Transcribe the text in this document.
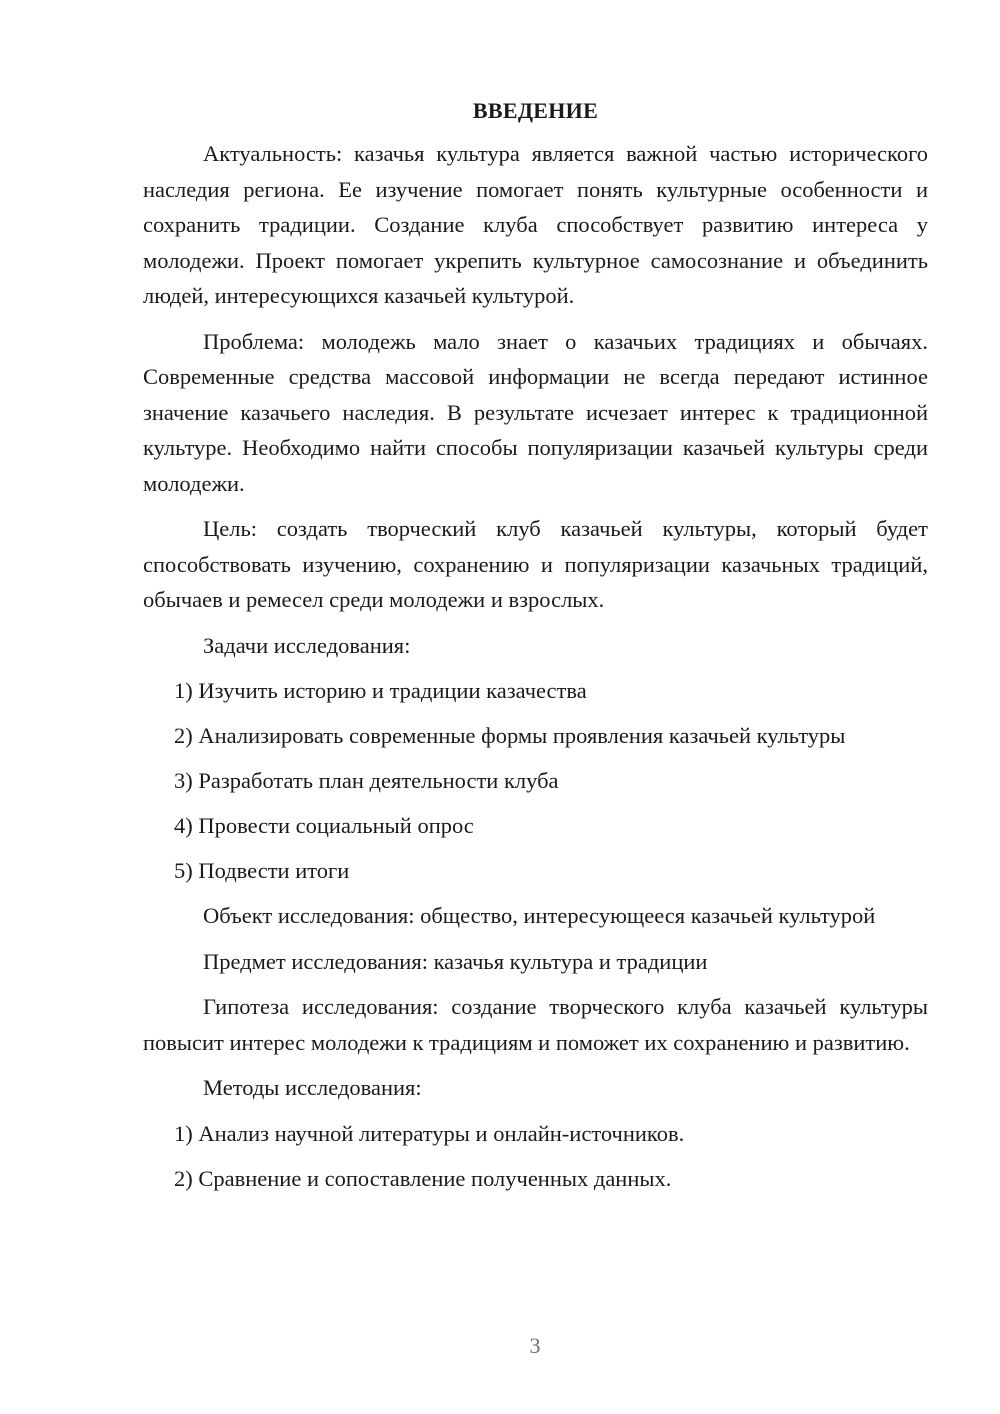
ВВЕДЕНИЕ

Актуальность: казачья культура является важной частью исторического наследия региона. Ее изучение помогает понять культурные особенности и сохранить традиции. Создание клуба способствует развитию интереса у молодежи. Проект помогает укрепить культурное самосознание и объединить людей, интересующихся казачьей культурой.

Проблема: молодежь мало знает о казачьих традициях и обычаях. Современные средства массовой информации не всегда передают истинное значение казачьего наследия. В результате исчезает интерес к традиционной культуре. Необходимо найти способы популяризации казачьей культуры среди молодежи.

Цель: создать творческий клуб казачьей культуры, который будет способствовать изучению, сохранению и популяризации казачьных традиций, обычаев и ремесел среди молодежи и взрослых.

Задачи исследования:

1) Изучить историю и традиции казачества
2) Анализировать современные формы проявления казачьей культуры
3) Разработать план деятельности клуба
4) Провести социальный опрос
5) Подвести итоги

Объект исследования: общество, интересующееся казачьей культурой

Предмет исследования: казачья культура и традиции

Гипотеза исследования: создание творческого клуба казачьей культуры повысит интерес молодежи к традициям и поможет их сохранению и развитию.

Методы исследования:

1) Анализ научной литературы и онлайн-источников.
2) Сравнение и сопоставление полученных данных.
3
